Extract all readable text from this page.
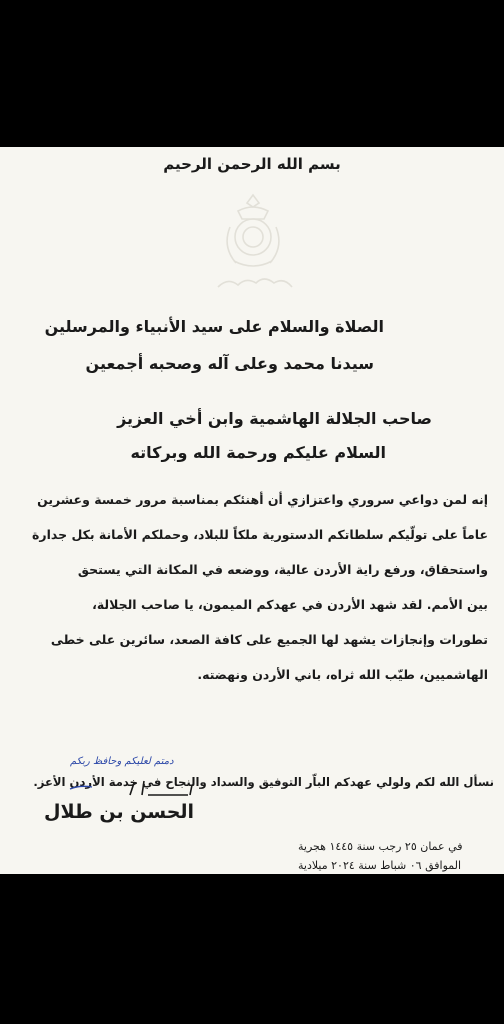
بسم الله الرحمن الرحيم
الصلاة والسلام على سيد الأنبياء والمرسلين
سيدنا محمد وعلى آله وصحبه أجمعين
صاحب الجلالة الهاشمية وابن أخي العزيز
السلام عليكم ورحمة الله وبركاته

إنه لمن دواعي سروري واعتزازي أن أهنئكم بمناسبة مرور خمسة وعشرين

عاماً على تولّيكم سلطاتكم الدستورية ملكاً للبلاد، وحملكم الأمانة بكل جدارة

واستحقاق، ورفع راية الأردن عالية، ووضعه في المكانة التي يستحق

بين الأمم. لقد شهد الأردن في عهدكم الميمون، يا صاحب الجلالة،

تطورات وإنجازات يشهد لها الجميع على كافة الصعد، سائرين على خطى

الهاشميين، طيّب الله ثراه، باني الأردن ونهضته.

نسأل الله لكم ولولي عهدكم الباّر التوفيق والسداد والنجاح في خدمة الأردن الأعز.
دمتم لعليكم وحافظ ربكم
الحسن بن طلال
في عمان ٢٥ رجب سنة ١٤٤٥ هجرية
الموافق ٠٦ شباط سنة ٢٠٢٤ ميلادية
